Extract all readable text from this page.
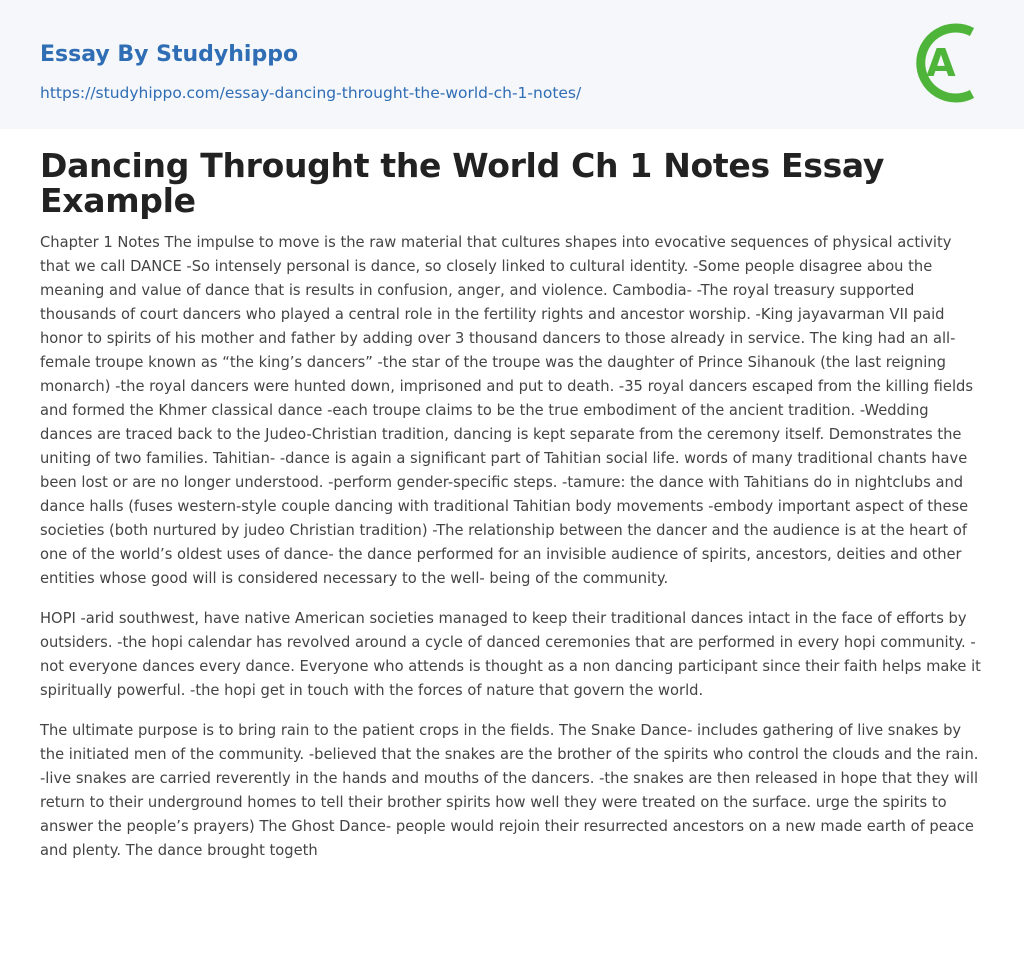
Essay By Studyhippo
https://studyhippo.com/essay-dancing-throught-the-world-ch-1-notes/
A
Dancing Throught the World Ch 1 Notes Essay Example

Chapter 1 Notes The impulse to move is the raw material that cultures shapes into evocative sequences of physical activity that we call DANCE -So intensely personal is dance, so closely linked to cultural identity. -Some people disagree abou the meaning and value of dance that is results in confusion, anger, and violence. Cambodia- -The royal treasury supported thousands of court dancers who played a central role in the fertility rights and ancestor worship. -King jayavarman VII paid honor to spirits of his mother and father by adding over 3 thousand dancers to those already in service. The king had an all-female troupe known as “the king’s dancers” -the star of the troupe was the daughter of Prince Sihanouk (the last reigning monarch) -the royal dancers were hunted down, imprisoned and put to death. -35 royal dancers escaped from the killing fields and formed the Khmer classical dance -each troupe claims to be the true embodiment of the ancient tradition. -Wedding dances are traced back to the Judeo-Christian tradition, dancing is kept separate from the ceremony itself. Demonstrates the uniting of two families. Tahitian- -dance is again a significant part of Tahitian social life. words of many traditional chants have been lost or are no longer understood. -perform gender-specific steps. -tamure: the dance with Tahitians do in nightclubs and dance halls (fuses western-style couple dancing with traditional Tahitian body movements -embody important aspect of these societies (both nurtured by judeo Christian tradition) -The relationship between the dancer and the audience is at the heart of one of the world’s oldest uses of dance- the dance performed for an invisible audience of spirits, ancestors, deities and other entities whose good will is considered necessary to the well- being of the community.

HOPI -arid southwest, have native American societies managed to keep their traditional dances intact in the face of efforts by outsiders. -the hopi calendar has revolved around a cycle of danced ceremonies that are performed in every hopi community. -not everyone dances every dance. Everyone who attends is thought as a non dancing participant since their faith helps make it spiritually powerful. -the hopi get in touch with the forces of nature that govern the world.

The ultimate purpose is to bring rain to the patient crops in the fields. The Snake Dance- includes gathering of live snakes by the initiated men of the community. -believed that the snakes are the brother of the spirits who control the clouds and the rain. -live snakes are carried reverently in the hands and mouths of the dancers. -the snakes are then released in hope that they will return to their underground homes to tell their brother spirits how well they were treated on the surface. urge the spirits to answer the people’s prayers) The Ghost Dance- people would rejoin their resurrected ancestors on a new made earth of peace and plenty. The dance brought togeth
